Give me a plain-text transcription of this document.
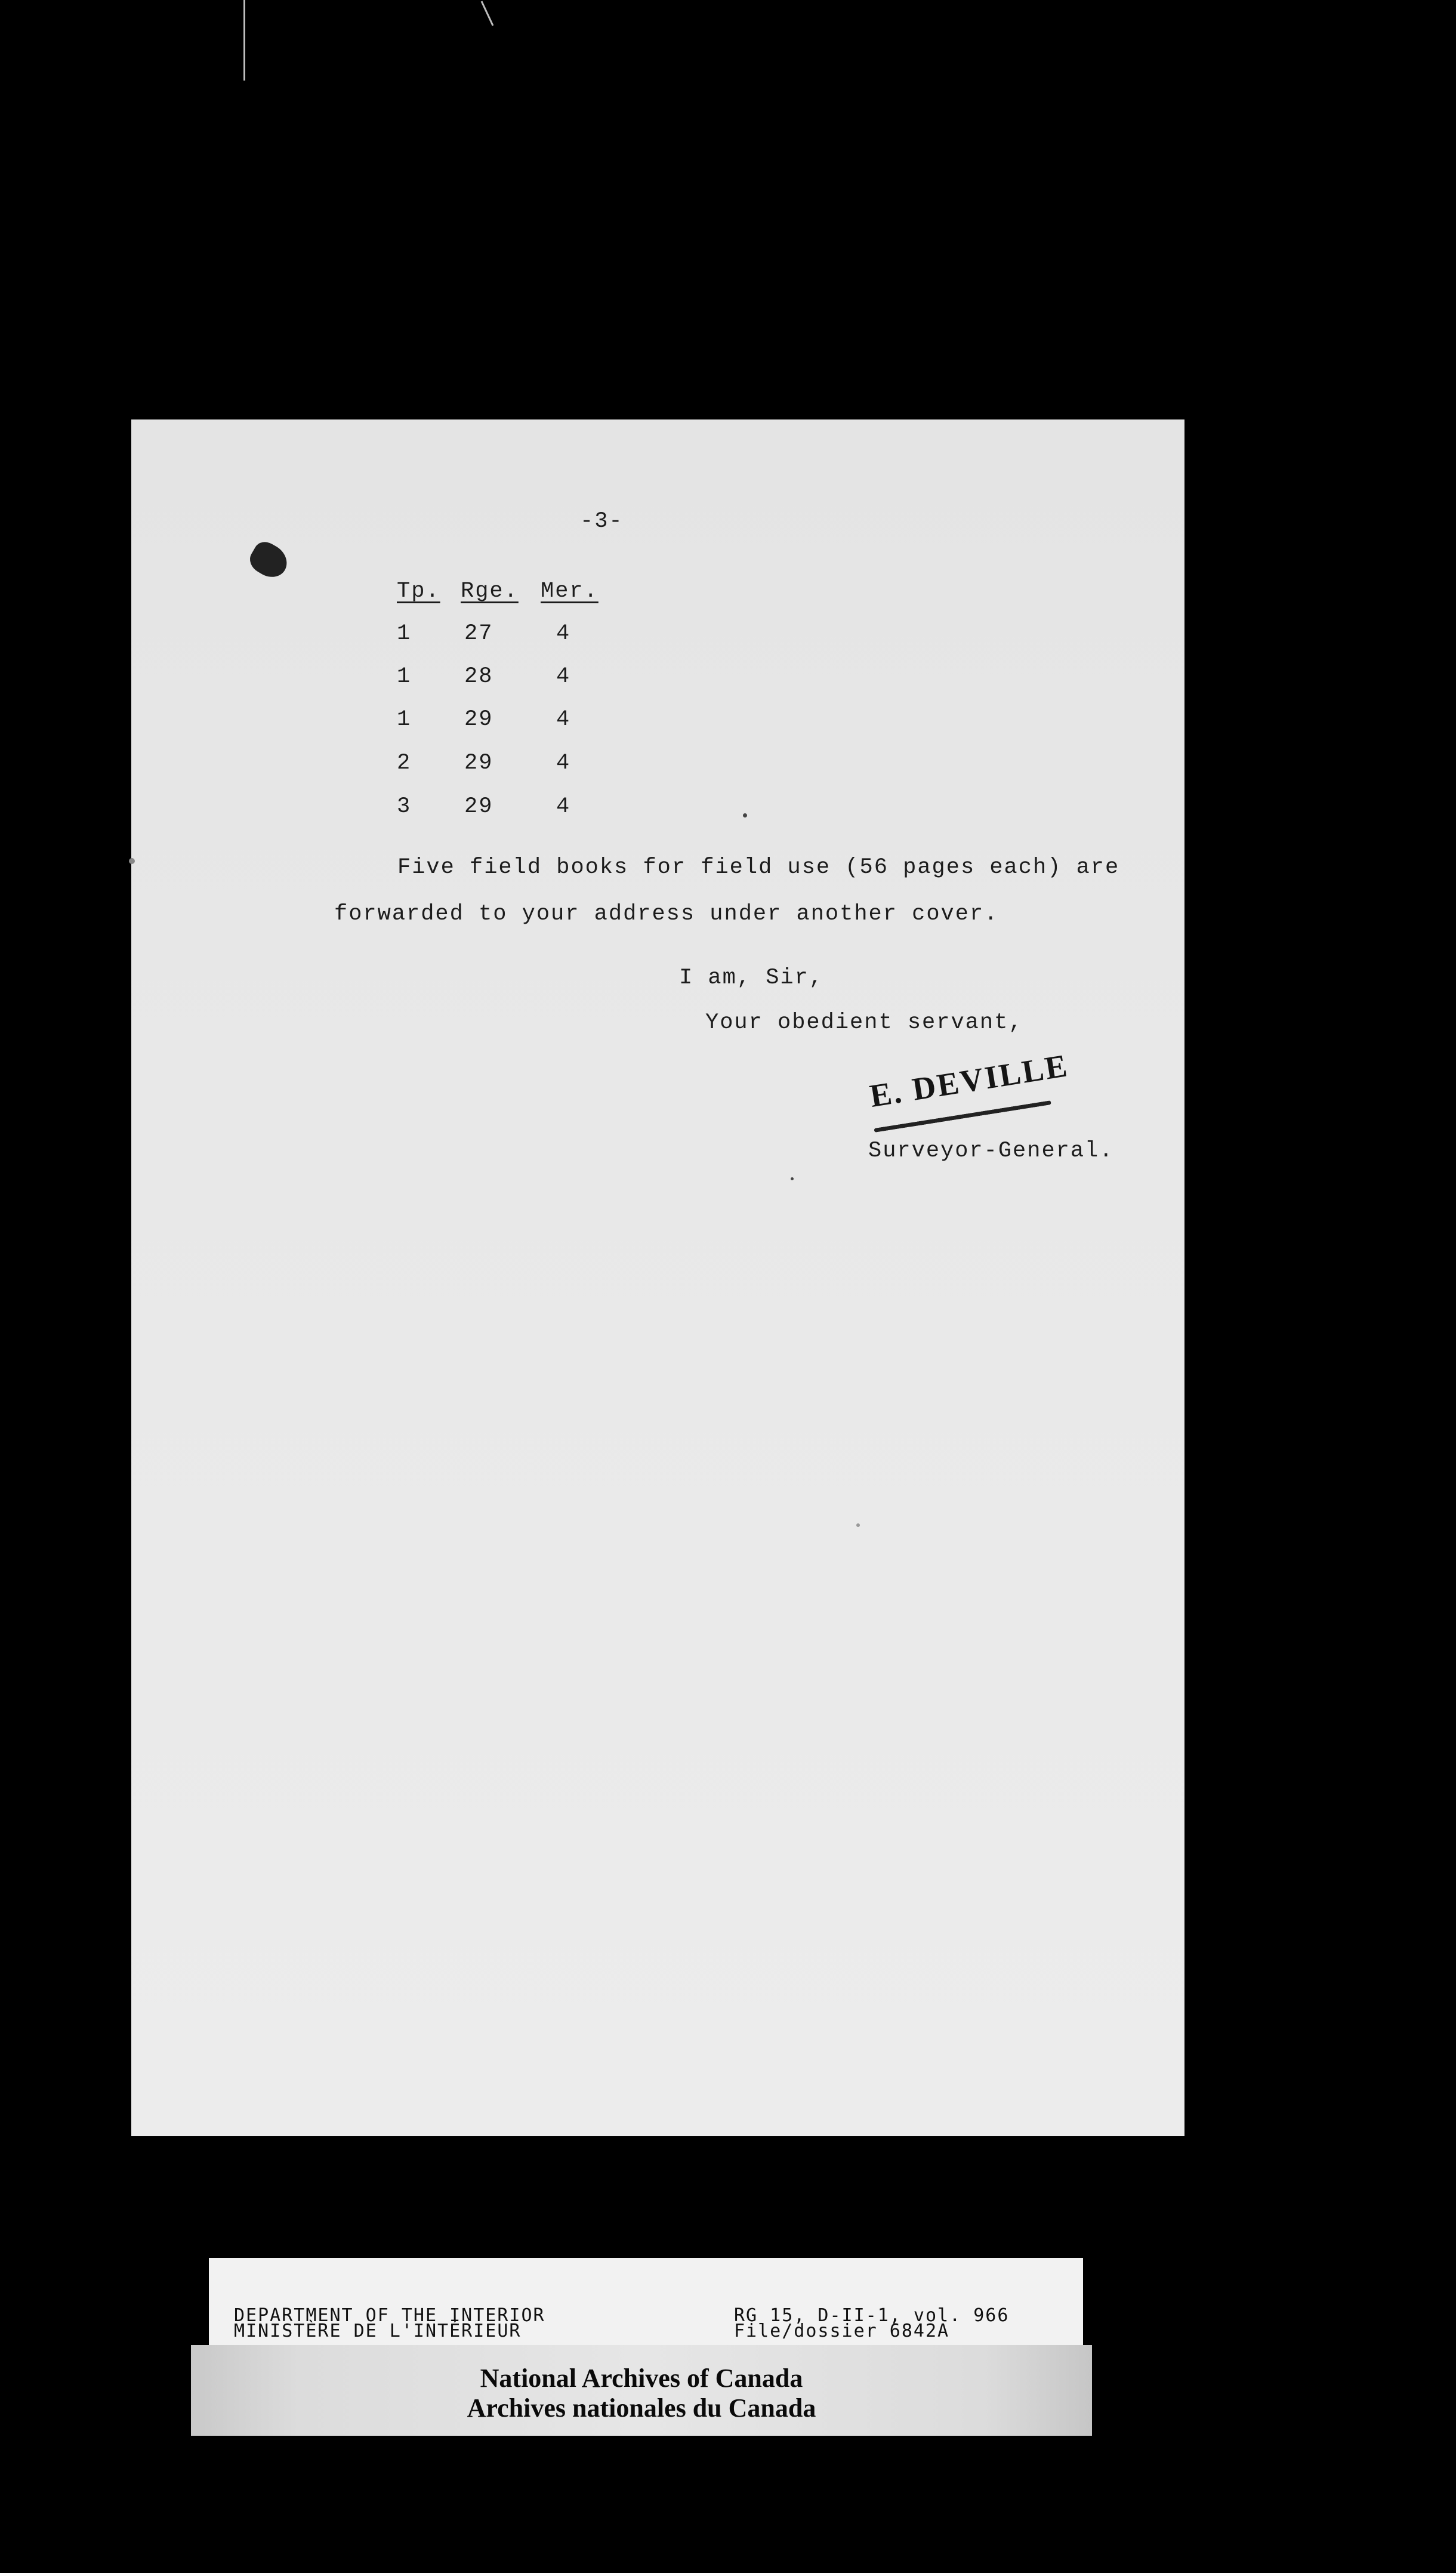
-3-
Tp. Rge. Mer.
1 27	4
1 28	4
1 29	4
2 29	4
3 29	4
Five field books for field use (56 pages each) are
forwarded to your address under another cover.
I am, Sir,
Your obedient servant,
E. DEVILLE
Surveyor-General.
DEPARTMENT OF THE INTERIOR
MINISTÈRE DE L'INTÉRIEUR
RG 15, D-II-1, vol. 966
File/dossier 6842A
National Archives of Canada
Archives nationales du Canada
